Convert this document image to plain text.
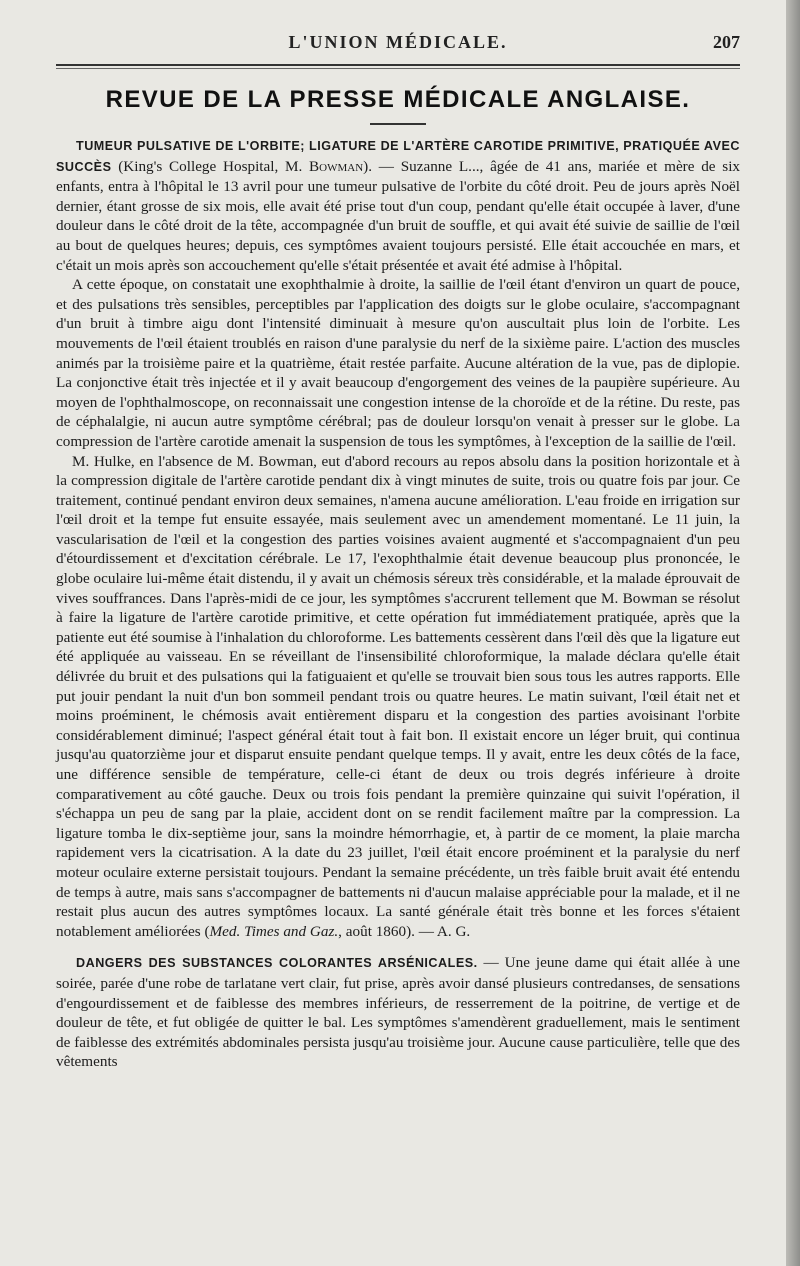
L'UNION MÉDICALE.	207
REVUE DE LA PRESSE MÉDICALE ANGLAISE.

TUMEUR PULSATIVE DE L'ORBITE; LIGATURE DE L'ARTÈRE CAROTIDE PRIMITIVE, PRATIQUÉE AVEC SUCCÈS (King's College Hospital, M. Bowman). — Suzanne L..., âgée de 41 ans, mariée et mère de six enfants, entra à l'hôpital le 13 avril pour une tumeur pulsative de l'orbite du côté droit. Peu de jours après Noël dernier, étant grosse de six mois, elle avait été prise tout d'un coup, pendant qu'elle était occupée à laver, d'une douleur dans le côté droit de la tête, accompagnée d'un bruit de souffle, et qui avait été suivie de saillie de l'œil au bout de quelques heures; depuis, ces symptômes avaient toujours persisté. Elle était accouchée en mars, et c'était un mois après son accouchement qu'elle s'était présentée et avait été admise à l'hôpital.

A cette époque, on constatait une exophthalmie à droite, la saillie de l'œil étant d'environ un quart de pouce, et des pulsations très sensibles, perceptibles par l'application des doigts sur le globe oculaire, s'accompagnant d'un bruit à timbre aigu dont l'intensité diminuait à mesure qu'on auscultait plus loin de l'orbite. Les mouvements de l'œil étaient troublés en raison d'une paralysie du nerf de la sixième paire. L'action des muscles animés par la troisième paire et la quatrième, était restée parfaite. Aucune altération de la vue, pas de diplopie. La conjonctive était très injectée et il y avait beaucoup d'engorgement des veines de la paupière supérieure. Au moyen de l'ophthalmoscope, on reconnaissait une congestion intense de la choroïde et de la rétine. Du reste, pas de céphalalgie, ni aucun autre symptôme cérébral; pas de douleur lorsqu'on venait à presser sur le globe. La compression de l'artère carotide amenait la suspension de tous les symptômes, à l'exception de la saillie de l'œil.

M. Hulke, en l'absence de M. Bowman, eut d'abord recours au repos absolu dans la position horizontale et à la compression digitale de l'artère carotide pendant dix à vingt minutes de suite, trois ou quatre fois par jour. Ce traitement, continué pendant environ deux semaines, n'amena aucune amélioration. L'eau froide en irrigation sur l'œil droit et la tempe fut ensuite essayée, mais seulement avec un amendement momentané. Le 11 juin, la vascularisation de l'œil et la congestion des parties voisines avaient augmenté et s'accompagnaient d'un peu d'étourdissement et d'excitation cérébrale. Le 17, l'exophthalmie était devenue beaucoup plus prononcée, le globe oculaire lui-même était distendu, il y avait un chémosis séreux très considérable, et la malade éprouvait de vives souffrances. Dans l'après-midi de ce jour, les symptômes s'accrurent tellement que M. Bowman se résolut à faire la ligature de l'artère carotide primitive, et cette opération fut immédiatement pratiquée, après que la patiente eut été soumise à l'inhalation du chloroforme. Les battements cessèrent dans l'œil dès que la ligature eut été appliquée au vaisseau. En se réveillant de l'insensibilité chloroformique, la malade déclara qu'elle était délivrée du bruit et des pulsations qui la fatiguaient et qu'elle se trouvait bien sous tous les autres rapports. Elle put jouir pendant la nuit d'un bon sommeil pendant trois ou quatre heures. Le matin suivant, l'œil était net et moins proéminent, le chémosis avait entièrement disparu et la congestion des parties avoisinant l'orbite considérablement diminué; l'aspect général était tout à fait bon. Il existait encore un léger bruit, qui continua jusqu'au quatorzième jour et disparut ensuite pendant quelque temps. Il y avait, entre les deux côtés de la face, une différence sensible de température, celle-ci étant de deux ou trois degrés inférieure à droite comparativement au côté gauche. Deux ou trois fois pendant la première quinzaine qui suivit l'opération, il s'échappa un peu de sang par la plaie, accident dont on se rendit facilement maître par la compression. La ligature tomba le dix-septième jour, sans la moindre hémorrhagie, et, à partir de ce moment, la plaie marcha rapidement vers la cicatrisation. A la date du 23 juillet, l'œil était encore proéminent et la paralysie du nerf moteur oculaire externe persistait toujours. Pendant la semaine précédente, un très faible bruit avait été entendu de temps à autre, mais sans s'accompagner de battements ni d'aucun malaise appréciable pour la malade, et il ne restait plus aucun des autres symptômes locaux. La santé générale était très bonne et les forces s'étaient notablement améliorées (Med. Times and Gaz., août 1860). — A. G.

DANGERS DES SUBSTANCES COLORANTES ARSÉNICALES. — Une jeune dame qui était allée à une soirée, parée d'une robe de tarlatane vert clair, fut prise, après avoir dansé plusieurs contredanses, de sensations d'engourdissement et de faiblesse des membres inférieurs, de resserrement de la poitrine, de vertige et de douleur de tête, et fut obligée de quitter le bal. Les symptômes s'amendèrent graduellement, mais le sentiment de faiblesse des extrémités abdominales persista jusqu'au troisième jour. Aucune cause particulière, telle que des vêtements
